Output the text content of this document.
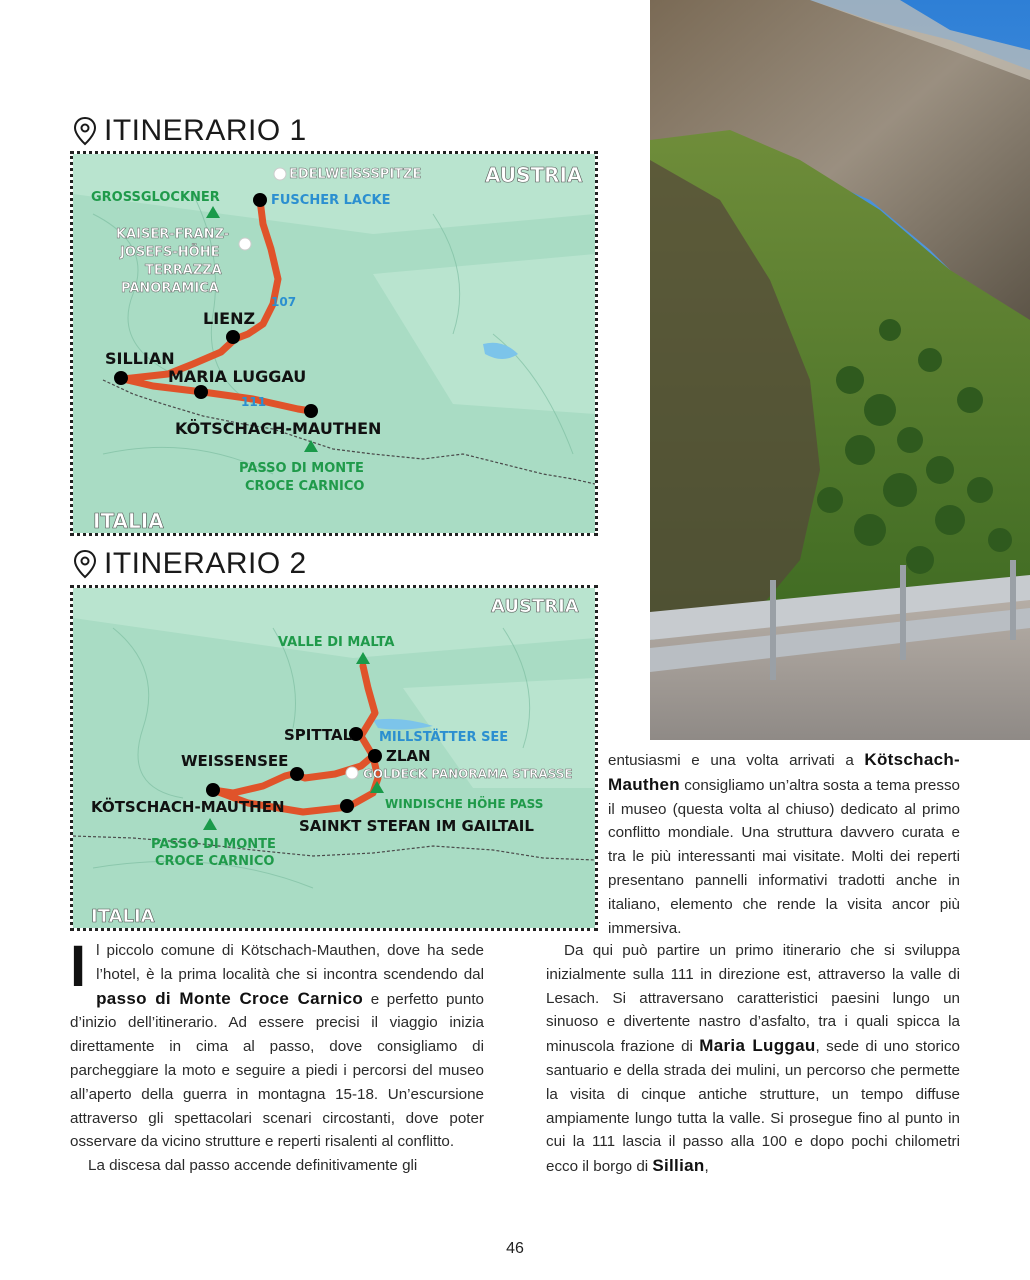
ITINERARIO 1
AUSTRIA
ITALIA
EDELWEISSSPITZE
GROSSGLOCKNER	FUSCHER LACKE
KAISER-FRANZ-
JOSEFS-HÖHE
TERRAZZA
PANORAMICA
107
LIENZ
SILLIAN
MARIA LUGGAU
111
KÖTSCHACH-MAUTHEN
PASSO DI MONTE
CROCE CARNICO
ITINERARIO 2
AUSTRIA
ITALIA
VALLE DI MALTA
SPITTAL MILLSTÄTTER SEE
ZLAN
WEISSENSEE
GOLDECK PANORAMA STRASSE
WINDISCHE HÖHE PASS
KÖTSCHACH-MAUTHEN
SAINKT STEFAN IM GAILTAIL
PASSO DI MONTE
CROCE CARNICO

entusiasmi e una volta arrivati a Kötschach-Mauthen consigliamo un’altra sosta a tema presso il museo (questa volta al chiuso) dedicato al primo conflitto mondiale. Una struttura davvero curata e tra le più interessanti mai visitate. Molti dei reperti presentano pannelli informativi tradotti anche in italiano, elemento che rende la visita ancor più immersiva.

Il piccolo comune di Kötschach-Mauthen, dove ha sede l’hotel, è la prima località che si incontra scendendo dal passo di Monte Croce Carnico e perfetto punto d’inizio dell’itinerario. Ad essere precisi il viaggio inizia direttamente in cima al passo, dove consigliamo di parcheggiare la moto e seguire a piedi i percorsi del museo all’aperto della guerra in montagna 15-18. Un’escursione attraverso gli spettacolari scenari circostanti, dove poter osservare da vicino strutture e reperti risalenti al conflitto.

La discesa dal passo accende definitivamente gli

Da qui può partire un primo itinerario che si sviluppa inizialmente sulla 111 in direzione est, attraverso la valle di Lesach. Si attraversano caratteristici paesini lungo un sinuoso e divertente nastro d’asfalto, tra i quali spicca la minuscola frazione di Maria Luggau, sede di uno storico santuario e della strada dei mulini, un percorso che permette la visita di cinque antiche strutture, un tempo diffuse ampiamente lungo tutta la valle. Si prosegue fino al punto in cui la 111 lascia il passo alla 100 e dopo pochi chilometri ecco il borgo di Sillian,

46
